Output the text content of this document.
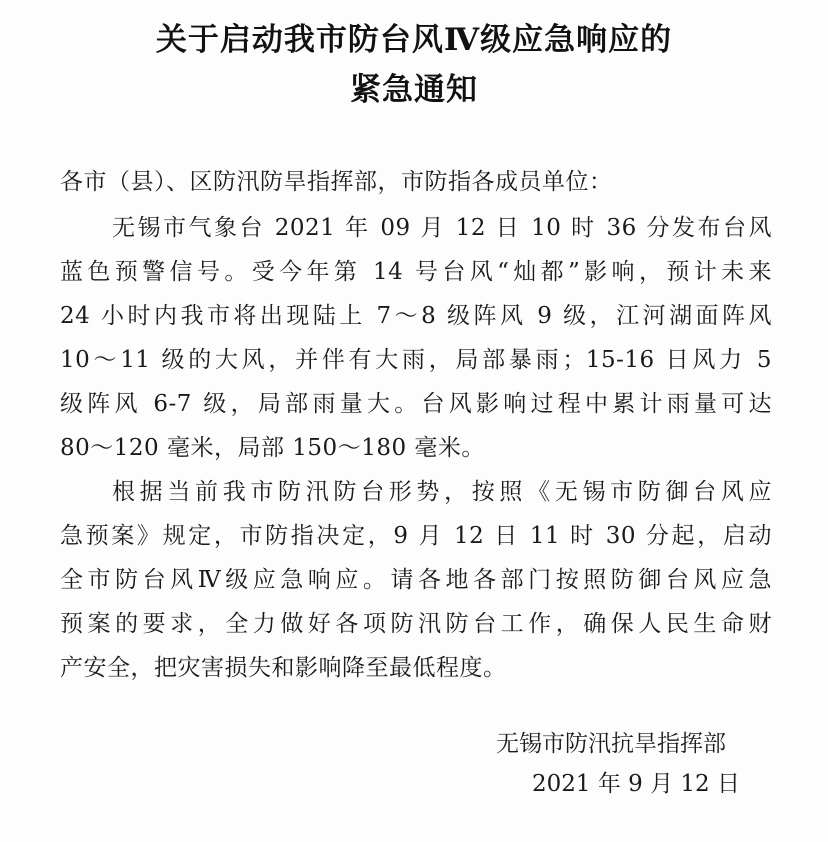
关于启动我市防台风Ⅳ级应急响应的
紧急通知
各市（县）、区防汛防旱指挥部，市防指各成员单位：
无锡市气象台 2021 年 09 月 12 日 10 时 36 分发布台风
蓝色预警信号。受今年第 14 号台风“灿都”影响，预计未来
24 小时内我市将出现陆上 7～8 级阵风 9 级，江河湖面阵风
10～11 级的大风，并伴有大雨，局部暴雨；15-16 日风力 5
级阵风 6-7 级，局部雨量大。台风影响过程中累计雨量可达
80～120 毫米，局部 150～180 毫米。
根据当前我市防汛防台形势，按照《无锡市防御台风应
急预案》规定，市防指决定，9 月 12 日 11 时 30 分起，启动
全市防台风Ⅳ级应急响应。请各地各部门按照防御台风应急
预案的要求，全力做好各项防汛防台工作，确保人民生命财
产安全，把灾害损失和影响降至最低程度。
无锡市防汛抗旱指挥部
2021 年 9 月 12 日
